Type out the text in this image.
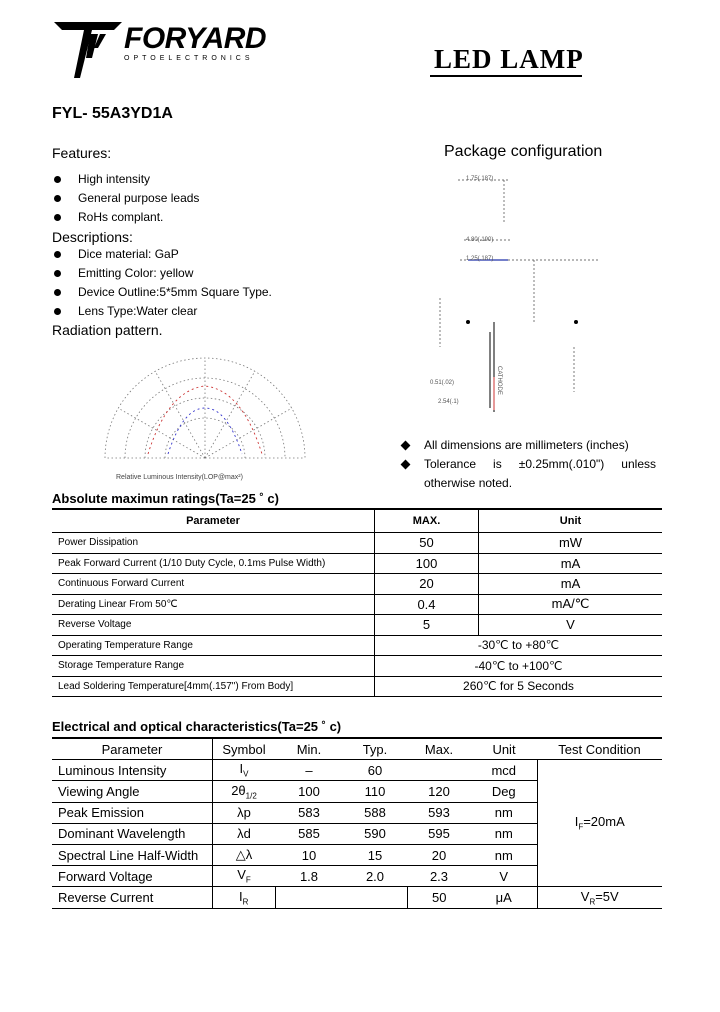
FORYARD
OPTOELECTRONICS	LED LAMP
FYL- 55A3YD1A
Features:
High intensity
General purpose leads
RoHs complant.
Descriptions:
Dice material: GaP
Emitting Color: yellow
Device Outline:5*5mm Square Type.
Lens Type:Water clear
Radiation pattern.
Relative Luminous Intensity(LOP@max²)
Package configuration
1.75(.187)
4.80(.190)
1.25(.187)
0.51(.02)
2.54(.1)
CATHODE
All dimensions are millimeters (inches)
Tolerance is ±0.25mm(.010") unless
otherwise noted.
Absolute maximun ratings(Ta=25 ˚ c)
Parameter	MAX.	Unit
Power Dissipation	50	mW
Peak Forward Current (1/10 Duty Cycle, 0.1ms Pulse Width)	100	mA
Continuous Forward Current	20	mA
Derating Linear From 50℃	0.4	mA/℃
Reverse Voltage	5	V
Operating Temperature Range	-30℃ to +80℃	
Storage Temperature Range	-40℃ to +100℃	
Lead Soldering Temperature[4mm(.157") From Body]	260℃ for 5 Seconds	
Electrical and optical characteristics(Ta=25 ˚ c)
Parameter	Symbol	Min.	Typ.	Max.	Unit	Test Condition
Luminous Intensity	$I_V$	–	60		mcd	$I_F=20mA$
Viewing Angle	$2\theta_{1/2}$	100	110	120	Deg	
Peak Emission	λp	583	588	593	nm	
Dominant Wavelength	λd	585	590	595	nm	
Spectral Line Half-Width	△λ	10	15	20	nm	
Forward Voltage	$V_F$	1.8	2.0	2.3	V	
Reverse Current	$I_R$			50	μA	$V_R=5V$
